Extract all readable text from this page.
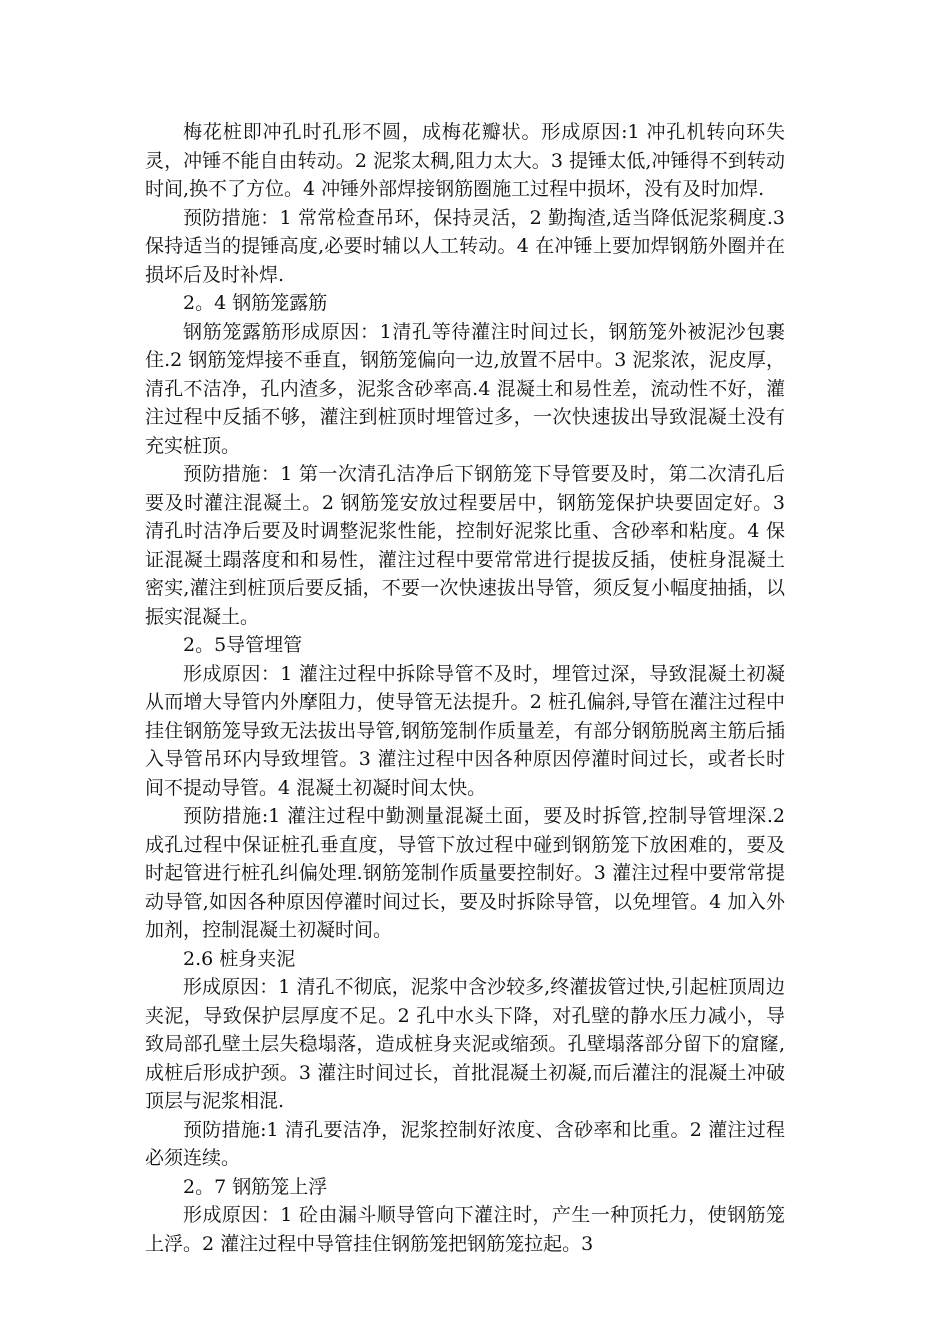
梅花桩即冲孔时孔形不圆，成梅花瓣状。形成原因:1 冲孔机转向环失灵，冲锤不能自由转动。2 泥浆太稠,阻力太大。3 提锤太低,冲锤得不到转动时间,换不了方位。4 冲锤外部焊接钢筋圈施工过程中损坏，没有及时加焊.

预防措施：1 常常检查吊环，保持灵活，2 勤掏渣,适当降低泥浆稠度.3 保持适当的提锤高度,必要时辅以人工转动。4 在冲锤上要加焊钢筋外圈并在损坏后及时补焊.

2。4 钢筋笼露筋

钢筋笼露筋形成原因：1清孔等待灌注时间过长，钢筋笼外被泥沙包裹住.2 钢筋笼焊接不垂直，钢筋笼偏向一边,放置不居中。3 泥浆浓，泥皮厚，清孔不洁净，孔内渣多，泥浆含砂率高.4 混凝土和易性差，流动性不好，灌注过程中反插不够，灌注到桩顶时埋管过多，一次快速拔出导致混凝土没有充实桩顶。

预防措施：1 第一次清孔洁净后下钢筋笼下导管要及时，第二次清孔后要及时灌注混凝土。2 钢筋笼安放过程要居中，钢筋笼保护块要固定好。3 清孔时洁净后要及时调整泥浆性能，控制好泥浆比重、含砂率和粘度。4 保证混凝土蹋落度和和易性，灌注过程中要常常进行提拔反插，使桩身混凝土密实,灌注到桩顶后要反插，不要一次快速拔出导管，须反复小幅度抽插，以振实混凝土。

2。5导管埋管

形成原因：1 灌注过程中拆除导管不及时，埋管过深，导致混凝土初凝从而增大导管内外摩阻力，使导管无法提升。2 桩孔偏斜,导管在灌注过程中挂住钢筋笼导致无法拔出导管,钢筋笼制作质量差，有部分钢筋脱离主筋后插入导管吊环内导致埋管。3 灌注过程中因各种原因停灌时间过长，或者长时间不提动导管。4 混凝土初凝时间太快。

预防措施:1 灌注过程中勤测量混凝土面，要及时拆管,控制导管埋深.2 成孔过程中保证桩孔垂直度，导管下放过程中碰到钢筋笼下放困难的，要及时起管进行桩孔纠偏处理.钢筋笼制作质量要控制好。3 灌注过程中要常常提动导管,如因各种原因停灌时间过长，要及时拆除导管，以免埋管。4 加入外加剂，控制混凝土初凝时间。

2.6 桩身夹泥

形成原因：1 清孔不彻底，泥浆中含沙较多,终灌拔管过快,引起桩顶周边夹泥，导致保护层厚度不足。2 孔中水头下降，对孔壁的静水压力减小，导致局部孔壁土层失稳塌落，造成桩身夹泥或缩颈。孔壁塌落部分留下的窟窿,成桩后形成护颈。3 灌注时间过长，首批混凝土初凝,而后灌注的混凝土冲破顶层与泥浆相混.

预防措施:1 清孔要洁净，泥浆控制好浓度、含砂率和比重。2 灌注过程必须连续。

2。7 钢筋笼上浮

形成原因：1 砼由漏斗顺导管向下灌注时，产生一种顶托力，使钢筋笼上浮。2 灌注过程中导管挂住钢筋笼把钢筋笼拉起。3
